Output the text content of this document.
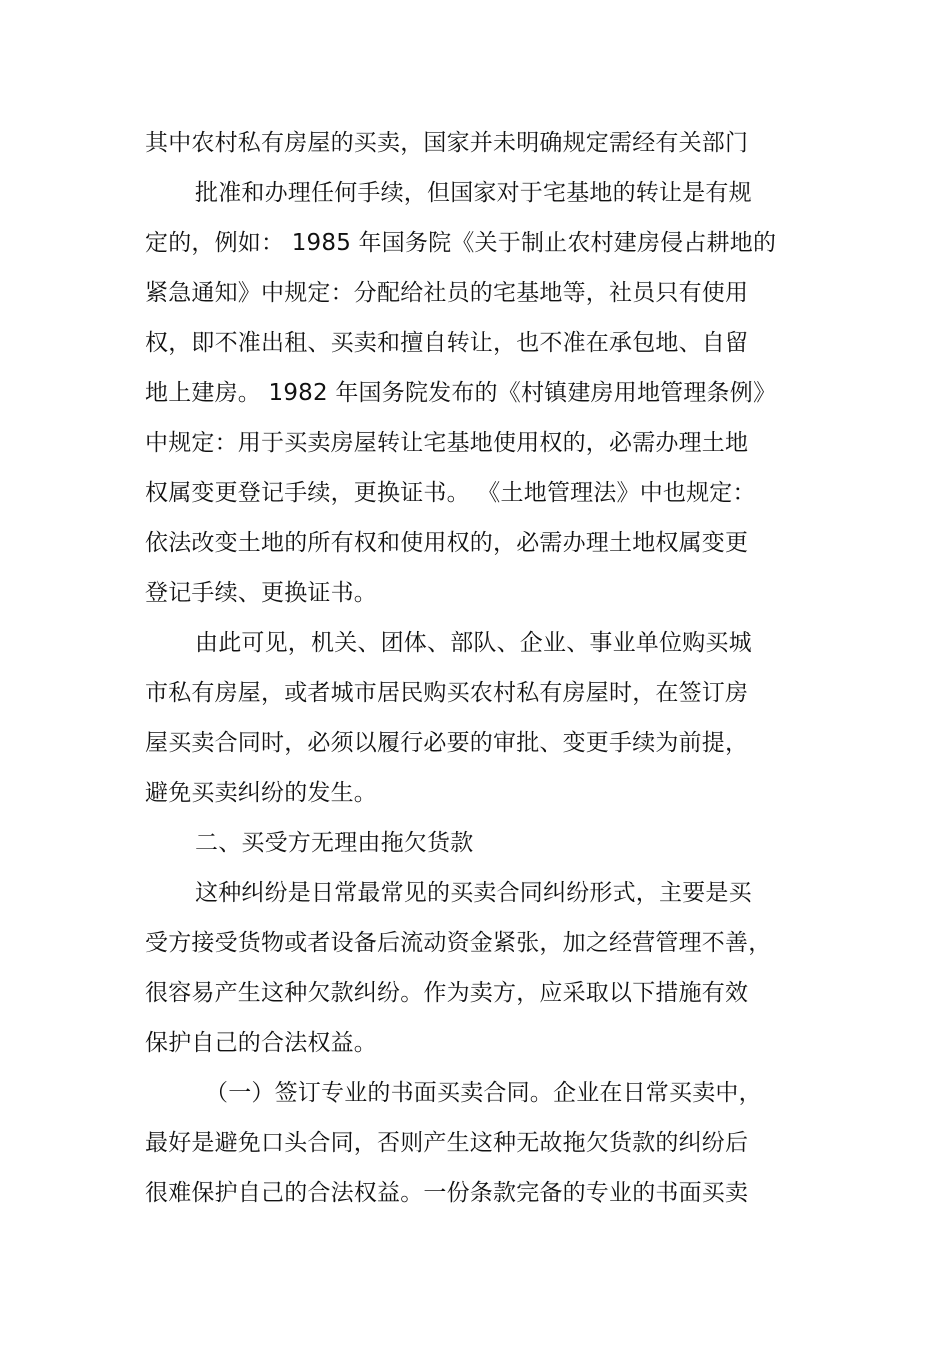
其中农村私有房屋的买卖，国家并未明确规定需经有关部门
批准和办理任何手续，但国家对于宅基地的转让是有规
定的，例如： 1985 年国务院《关于制止农村建房侵占耕地的
紧急通知》中规定：分配给社员的宅基地等，社员只有使用
权，即不准出租、买卖和擅自转让，也不准在承包地、自留
地上建房。 1982 年国务院发布的《村镇建房用地管理条例》
中规定：用于买卖房屋转让宅基地使用权的，必需办理土地
权属变更登记手续，更换证书。 《土地管理法》中也规定：
依法改变土地的所有权和使用权的，必需办理土地权属变更
登记手续、更换证书。
由此可见，机关、团体、部队、企业、事业单位购买城
市私有房屋，或者城市居民购买农村私有房屋时，在签订房
屋买卖合同时，必须以履行必要的审批、变更手续为前提，
避免买卖纠纷的发生。
二、买受方无理由拖欠货款
这种纠纷是日常最常见的买卖合同纠纷形式，主要是买
受方接受货物或者设备后流动资金紧张，加之经营管理不善，
很容易产生这种欠款纠纷。作为卖方，应采取以下措施有效
保护自己的合法权益。
（一）签订专业的书面买卖合同。企业在日常买卖中，
最好是避免口头合同，否则产生这种无故拖欠货款的纠纷后
很难保护自己的合法权益。一份条款完备的专业的书面买卖
